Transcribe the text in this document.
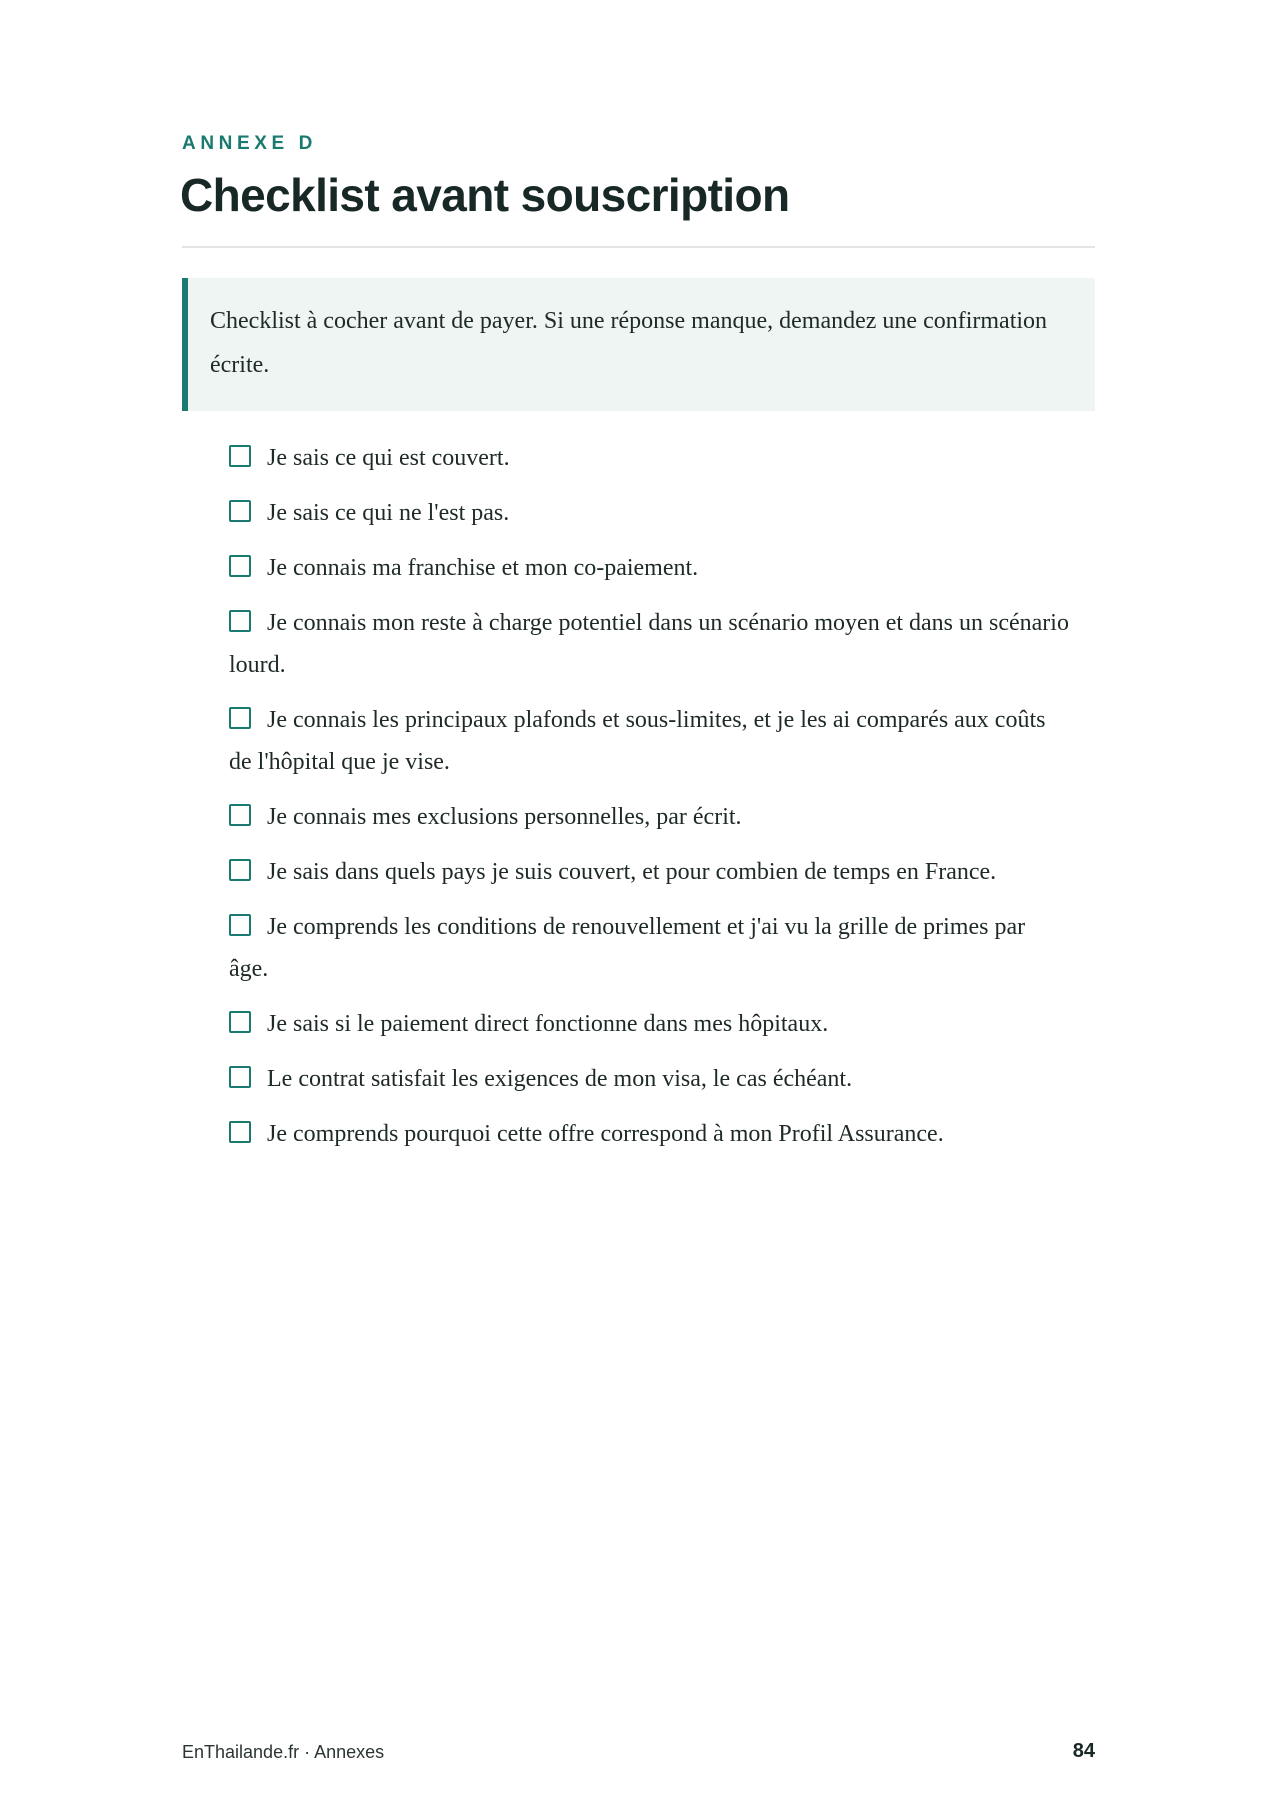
ANNEXE D
Checklist avant souscription

Checklist à cocher avant de payer. Si une réponse manque, demandez une confirmation écrite.

Je sais ce qui est couvert.
Je sais ce qui ne l'est pas.
Je connais ma franchise et mon co-paiement.
Je connais mon reste à charge potentiel dans un scénario moyen et dans un scénario lourd.
Je connais les principaux plafonds et sous-limites, et je les ai comparés aux coûts de l'hôpital que je vise.
Je connais mes exclusions personnelles, par écrit.
Je sais dans quels pays je suis couvert, et pour combien de temps en France.
Je comprends les conditions de renouvellement et j'ai vu la grille de primes par âge.
Je sais si le paiement direct fonctionne dans mes hôpitaux.
Le contrat satisfait les exigences de mon visa, le cas échéant.
Je comprends pourquoi cette offre correspond à mon Profil Assurance.
EnThailande.fr · Annexes	84
